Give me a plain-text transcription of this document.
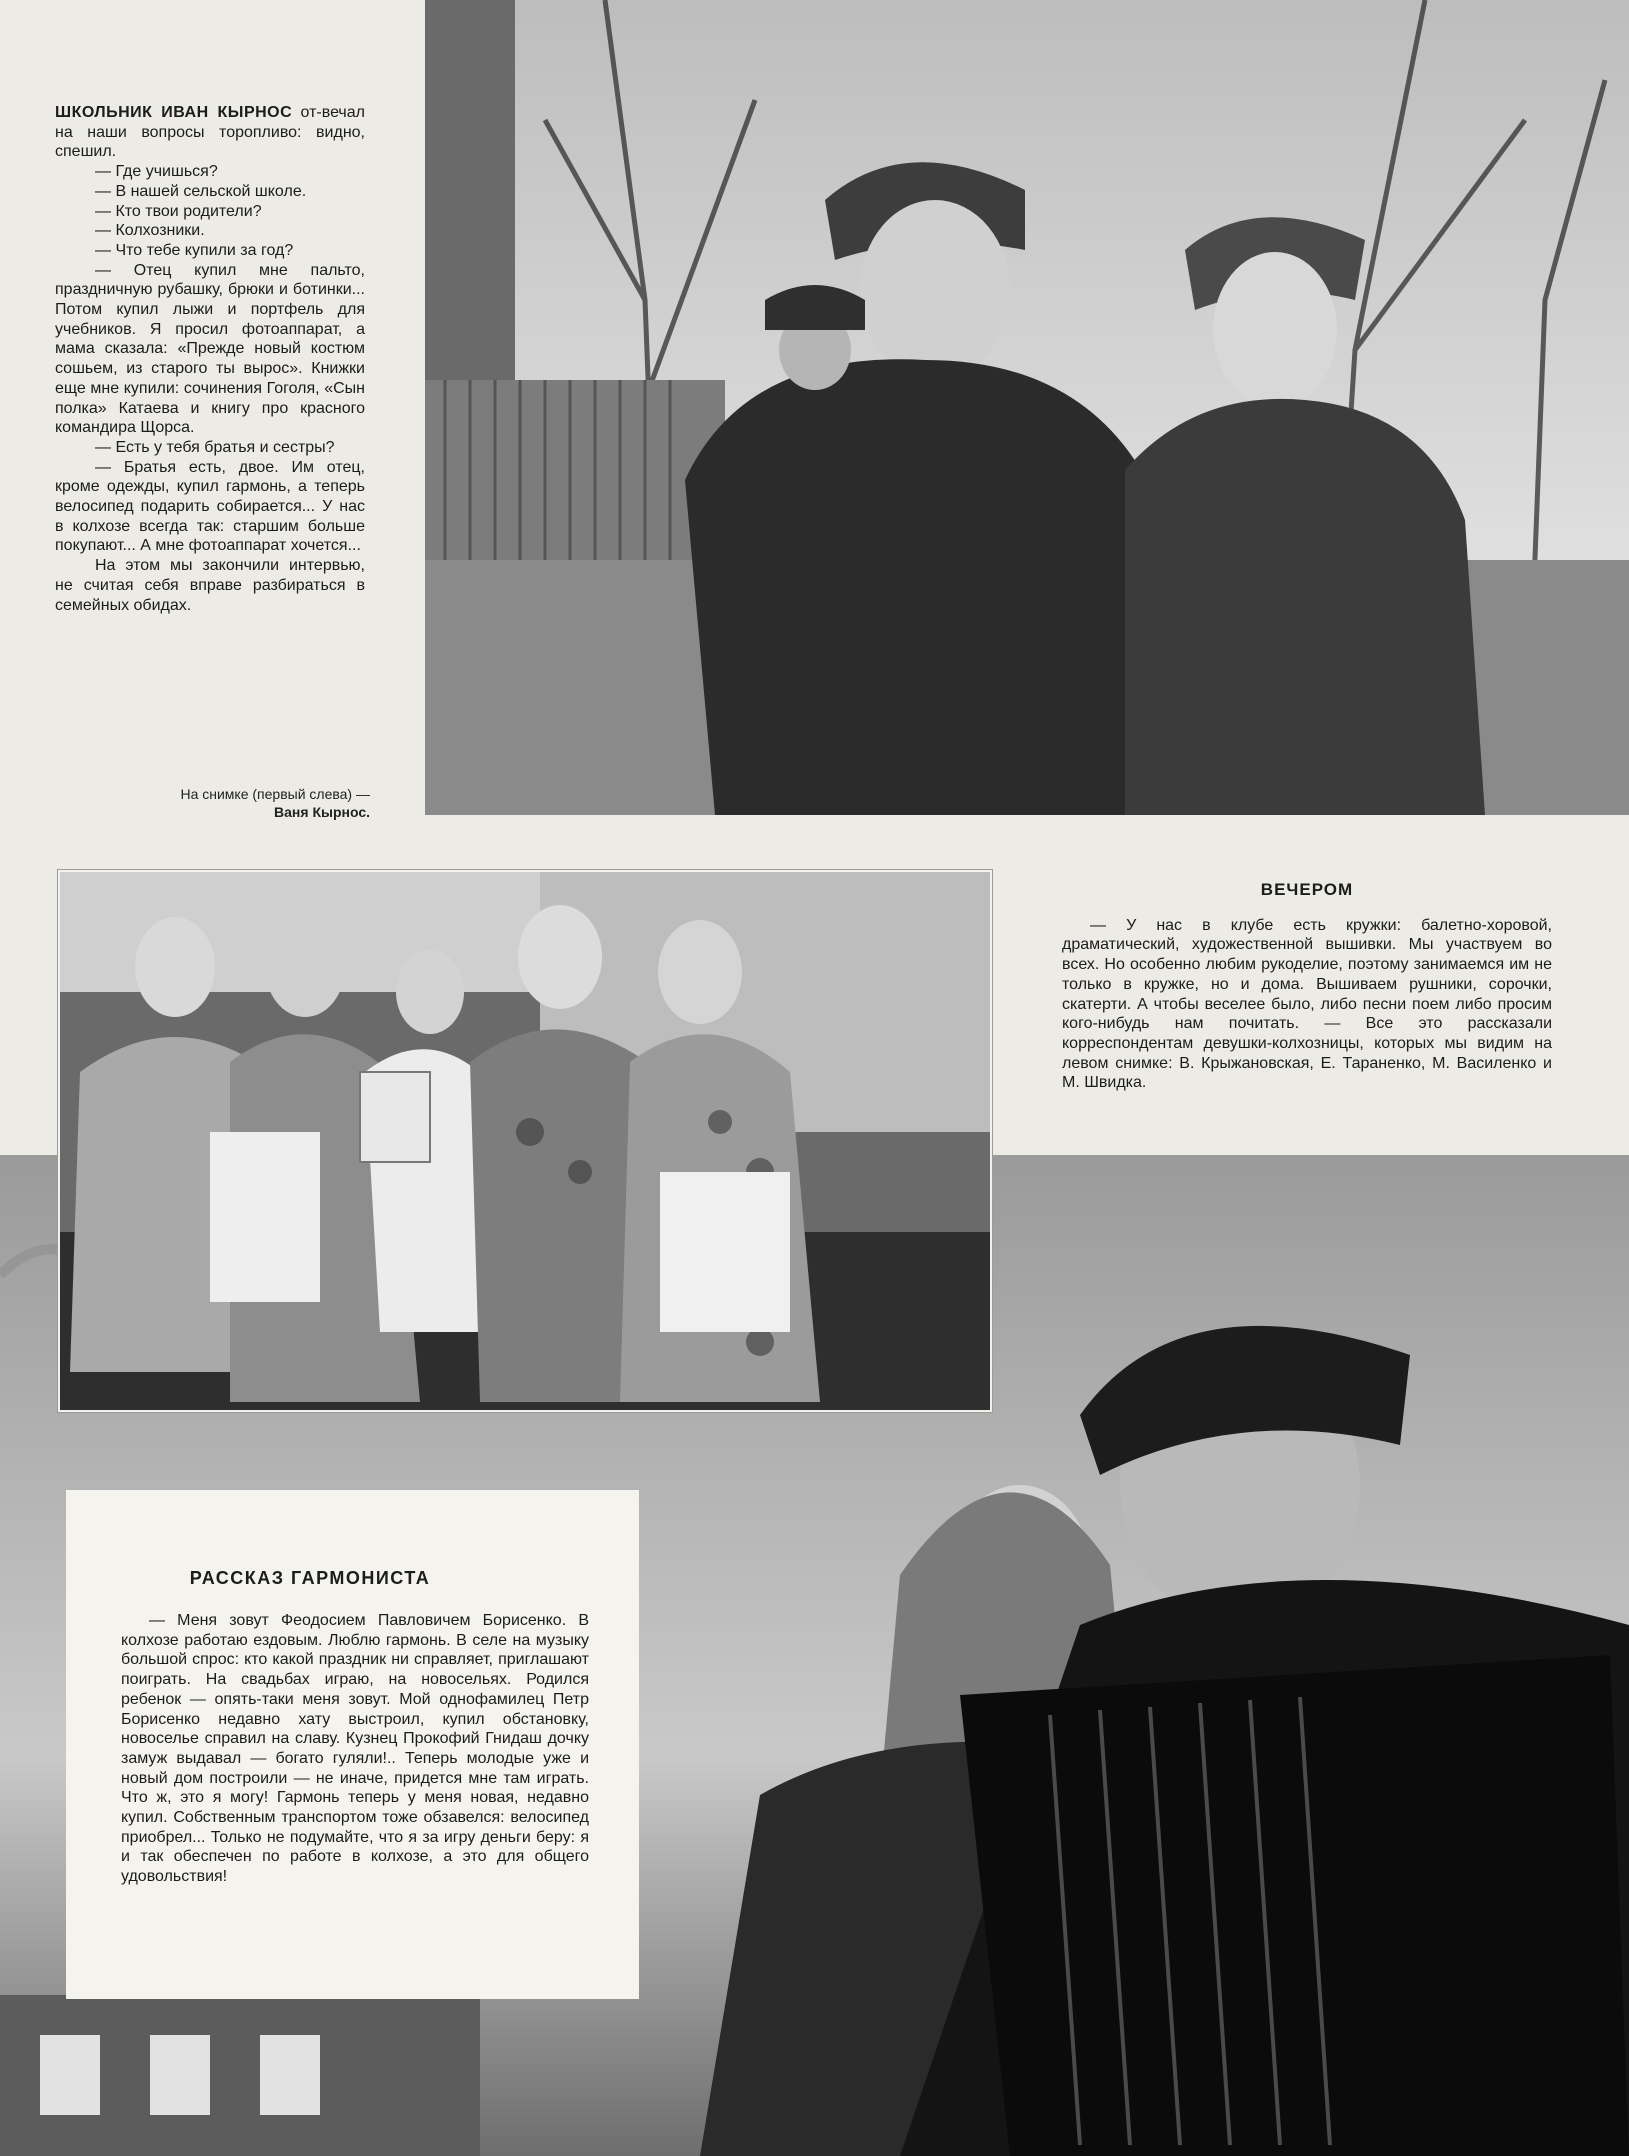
ШКОЛЬНИК ИВАН КЫРНОС от-вечал на наши вопросы торопливо: видно, спешил.

— Где учишься?

— В нашей сельской школе.

— Кто твои родители?

— Колхозники.

— Что тебе купили за год?

— Отец купил мне пальто, праздничную рубашку, брюки и ботинки... Потом купил лыжи и портфель для учебников. Я просил фотоаппарат, а мама сказала: «Прежде новый костюм сошьем, из старого ты вырос». Книжки еще мне купили: сочинения Гоголя, «Сын полка» Катаева и книгу про красного командира Щорса.

— Есть у тебя братья и сестры?

— Братья есть, двое. Им отец, кроме одежды, купил гармонь, а теперь велосипед подарить собирается... У нас в колхозе всегда так: старшим больше покупают... А мне фотоаппарат хочется...

На этом мы закончили интервью, не считая себя вправе разбираться в семейных обидах.

На снимке (первый слева) — Ваня Кырнос.
ВЕЧЕРОМ

— У нас в клубе есть кружки: балетно-хоровой, драматический, художественной вышивки. Мы участвуем во всех. Но особенно любим рукоделие, поэтому занимаемся им не только в кружке, но и дома. Вышиваем рушники, сорочки, скатерти. А чтобы веселее было, либо песни поем либо просим кого-нибудь нам почитать. — Все это рассказали корреспондентам девушки-колхозницы, которых мы видим на левом снимке: В. Крыжановская, Е. Тараненко, М. Василенко и М. Швидка.

РАССКАЗ ГАРМОНИСТА

— Меня зовут Феодосием Павловичем Борисенко. В колхозе работаю ездовым. Люблю гармонь. В селе на музыку большой спрос: кто какой праздник ни справляет, приглашают поиграть. На свадьбах играю, на новосельях. Родился ребенок — опять-таки меня зовут. Мой однофамилец Петр Борисенко недавно хату выстроил, купил обстановку, новоселье справил на славу. Кузнец Прокофий Гнидаш дочку замуж выдавал — богато гуляли!.. Теперь молодые уже и новый дом построили — не иначе, придется мне там играть. Что ж, это я могу! Гармонь теперь у меня новая, недавно купил. Собственным транспортом тоже обзавелся: велосипед приобрел... Только не подумайте, что я за игру деньги беру: я и так обеспечен по работе в колхозе, а это для общего удовольствия!
